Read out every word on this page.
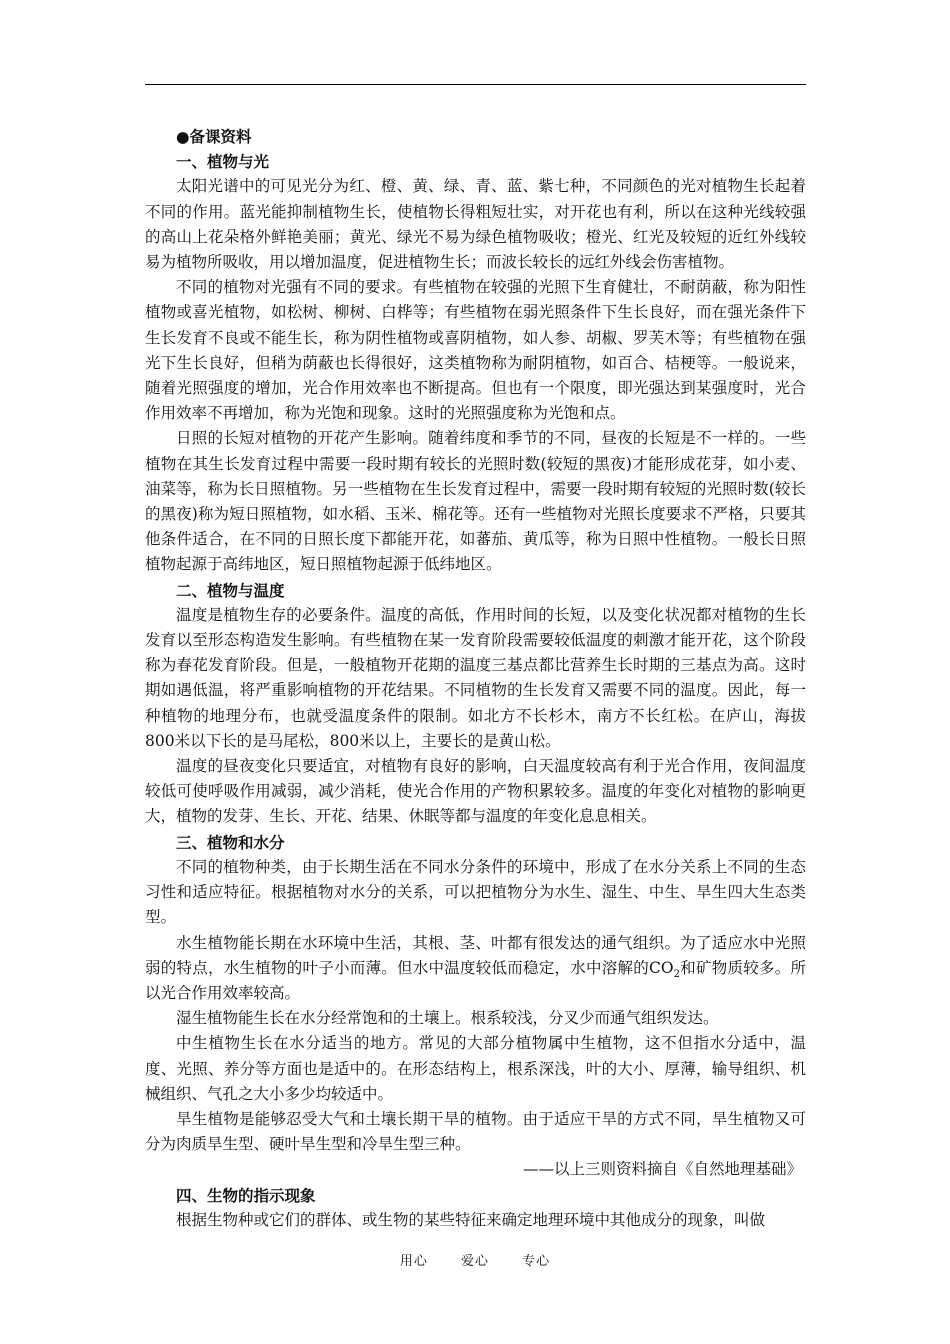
●备课资料
一、植物与光

太阳光谱中的可见光分为红、橙、黄、绿、青、蓝、紫七种，不同颜色的光对植物生长起着不同的作用。蓝光能抑制植物生长，使植物长得粗短壮实，对开花也有利，所以在这种光线较强的高山上花朵格外鲜艳美丽；黄光、绿光不易为绿色植物吸收；橙光、红光及较短的近红外线较易为植物所吸收，用以增加温度，促进植物生长；而波长较长的远红外线会伤害植物。

不同的植物对光强有不同的要求。有些植物在较强的光照下生育健壮，不耐荫蔽，称为阳性植物或喜光植物，如松树、柳树、白桦等；有些植物在弱光照条件下生长良好，而在强光条件下生长发育不良或不能生长，称为阴性植物或喜阴植物，如人参、胡椒、罗芙木等；有些植物在强光下生长良好，但稍为荫蔽也长得很好，这类植物称为耐阴植物，如百合、桔梗等。一般说来，随着光照强度的增加，光合作用效率也不断提高。但也有一个限度，即光强达到某强度时，光合作用效率不再增加，称为光饱和现象。这时的光照强度称为光饱和点。

日照的长短对植物的开花产生影响。随着纬度和季节的不同，昼夜的长短是不一样的。一些植物在其生长发育过程中需要一段时期有较长的光照时数(较短的黑夜)才能形成花芽，如小麦、油菜等，称为长日照植物。另一些植物在生长发育过程中，需要一段时期有较短的光照时数(较长的黑夜)称为短日照植物，如水稻、玉米、棉花等。还有一些植物对光照长度要求不严格，只要其他条件适合，在不同的日照长度下都能开花，如蕃茄、黄瓜等，称为日照中性植物。一般长日照植物起源于高纬地区，短日照植物起源于低纬地区。

二、植物与温度

温度是植物生存的必要条件。温度的高低，作用时间的长短，以及变化状况都对植物的生长发育以至形态构造发生影响。有些植物在某一发育阶段需要较低温度的刺激才能开花，这个阶段称为春花发育阶段。但是，一般植物开花期的温度三基点都比营养生长时期的三基点为高。这时期如遇低温，将严重影响植物的开花结果。不同植物的生长发育又需要不同的温度。因此，每一种植物的地理分布，也就受温度条件的限制。如北方不长杉木，南方不长红松。在庐山，海拔800米以下长的是马尾松，800米以上，主要长的是黄山松。

温度的昼夜变化只要适宜，对植物有良好的影响，白天温度较高有利于光合作用，夜间温度较低可使呼吸作用减弱，减少消耗，使光合作用的产物积累较多。温度的年变化对植物的影响更大，植物的发芽、生长、开花、结果、休眠等都与温度的年变化息息相关。

三、植物和水分

不同的植物种类，由于长期生活在不同水分条件的环境中，形成了在水分关系上不同的生态习性和适应特征。根据植物对水分的关系，可以把植物分为水生、湿生、中生、旱生四大生态类型。

水生植物能长期在水环境中生活，其根、茎、叶都有很发达的通气组织。为了适应水中光照弱的特点，水生植物的叶子小而薄。但水中温度较低而稳定，水中溶解的$CO_2$和矿物质较多。所以光合作用效率较高。

湿生植物能生长在水分经常饱和的土壤上。根系较浅，分叉少而通气组织发达。

中生植物生长在水分适当的地方。常见的大部分植物属中生植物，这不但指水分适中，温度、光照、养分等方面也是适中的。在形态结构上，根系深浅，叶的大小、厚薄，输导组织、机械组织、气孔之大小多少均较适中。

旱生植物是能够忍受大气和土壤长期干旱的植物。由于适应干旱的方式不同，旱生植物又可分为肉质旱生型、硬叶旱生型和冷旱生型三种。

——以上三则资料摘自《自然地理基础》

四、生物的指示现象

根据生物种或它们的群体、或生物的某些特征来确定地理环境中其他成分的现象，叫做

用心	爱心	专心
